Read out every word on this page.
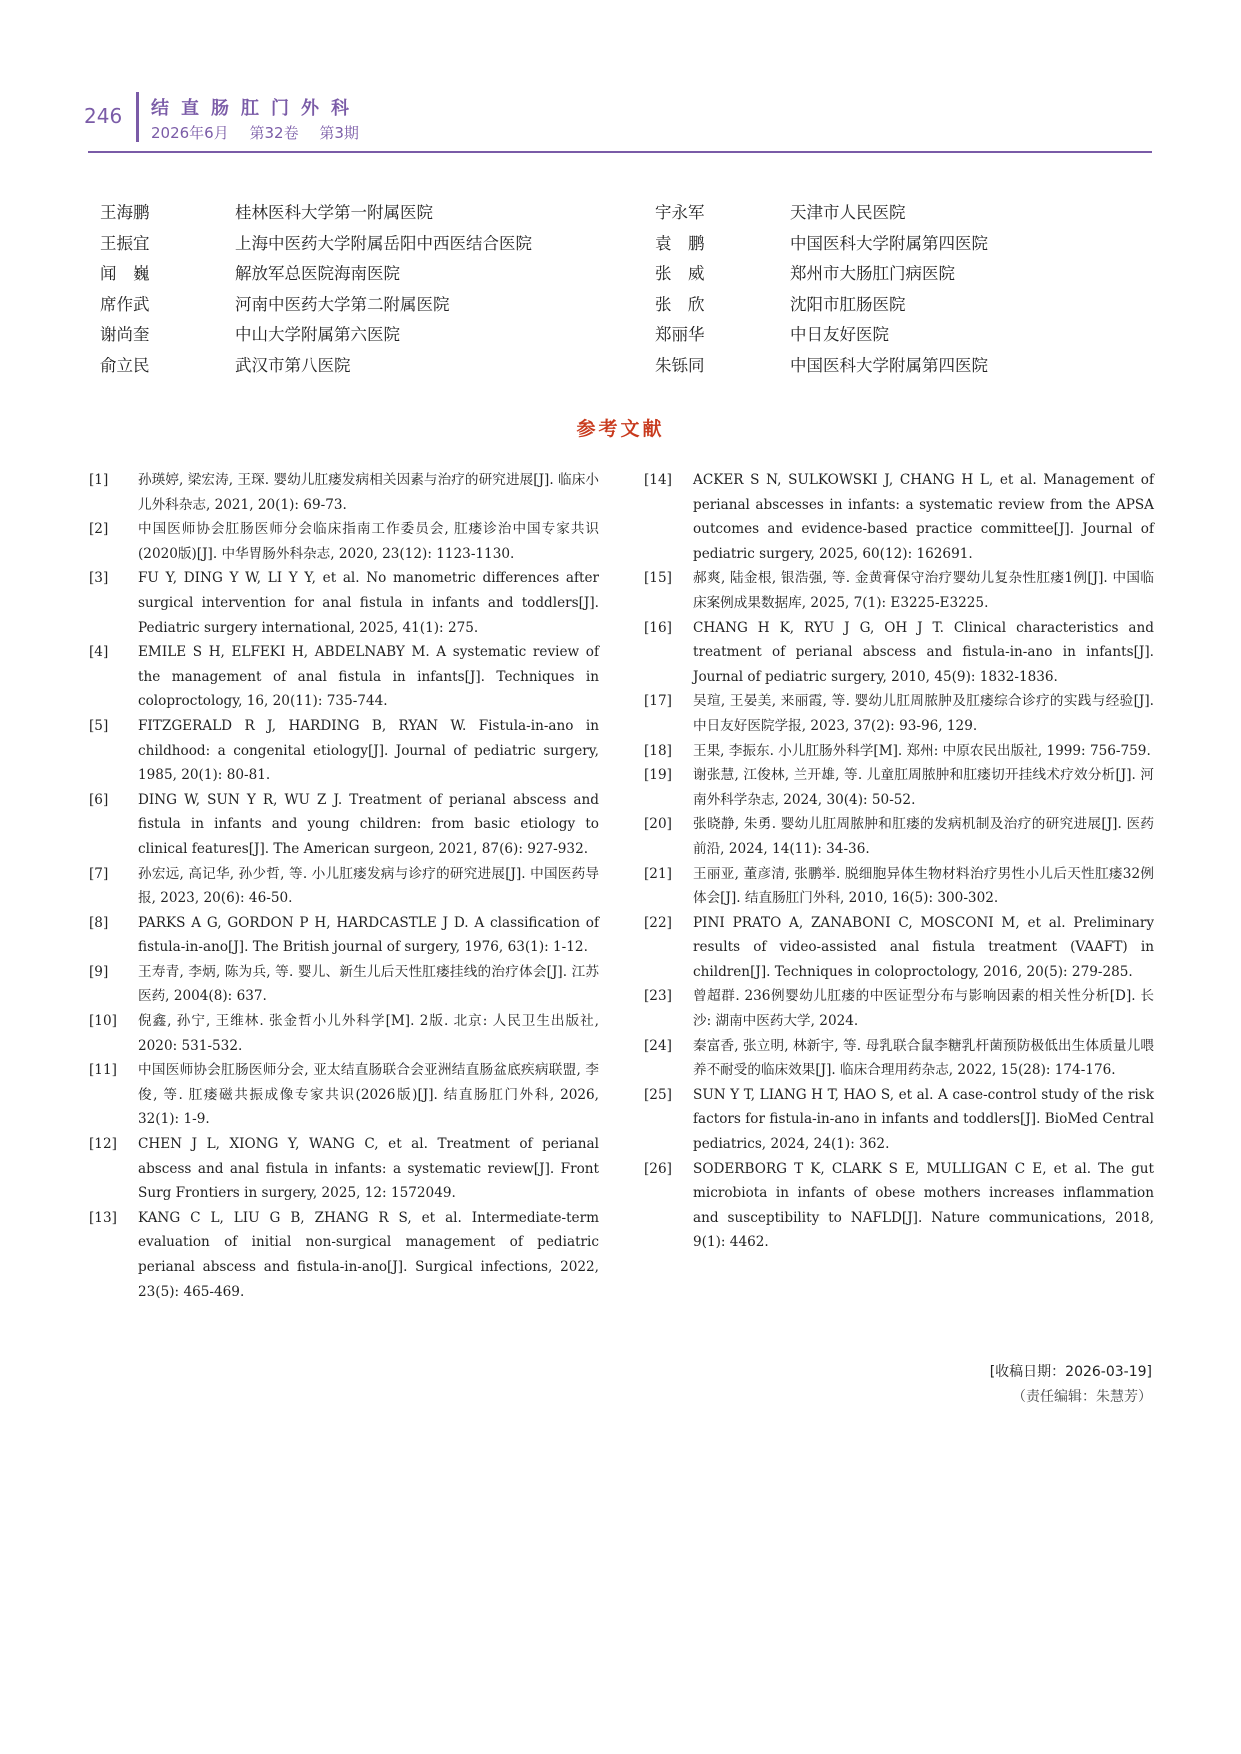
246 结直肠肛门外科
2026年6月 第32卷 第3期
王海鹏	桂林医科大学第一附属医院	宇永军	天津市人民医院
王振宜	上海中医药大学附属岳阳中西医结合医院	袁　鹏	中国医科大学附属第四医院
闻　巍	解放军总医院海南医院	张　威	郑州市大肠肛门病医院
席作武	河南中医药大学第二附属医院	张　欣	沈阳市肛肠医院
谢尚奎	中山大学附属第六医院	郑丽华	中日友好医院
俞立民	武汉市第八医院	朱铄同	中国医科大学附属第四医院
参考文献
[1]	孙瑛婷, 梁宏涛, 王琛. 婴幼儿肛瘘发病相关因素与治疗的研究进展[J]. 临床小儿外科杂志, 2021, 20(1): 69-73.
[2]	中国医师协会肛肠医师分会临床指南工作委员会, 肛瘘诊治中国专家共识(2020版)[J]. 中华胃肠外科杂志, 2020, 23(12): 1123-1130.
[3]	FU Y, DING Y W, LI Y Y, et al. No manometric differences after surgical intervention for anal fistula in infants and toddlers[J]. Pediatric surgery international, 2025, 41(1): 275.
[4]	EMILE S H, ELFEKI H, ABDELNABY M. A systematic review of the management of anal fistula in infants[J]. Techniques in coloproctology, 16, 20(11): 735-744.
[5]	FITZGERALD R J, HARDING B, RYAN W. Fistula-in-ano in childhood: a congenital etiology[J]. Journal of pediatric surgery, 1985, 20(1): 80-81.
[6]	DING W, SUN Y R, WU Z J. Treatment of perianal abscess and fistula in infants and young children: from basic etiology to clinical features[J]. The American surgeon, 2021, 87(6): 927-932.
[7]	孙宏远, 高记华, 孙少哲, 等. 小儿肛瘘发病与诊疗的研究进展[J]. 中国医药导报, 2023, 20(6): 46-50.
[8]	PARKS A G, GORDON P H, HARDCASTLE J D. A classification of fistula-in-ano[J]. The British journal of surgery, 1976, 63(1): 1-12.
[9]	王寿青, 李炳, 陈为兵, 等. 婴儿、新生儿后天性肛瘘挂线的治疗体会[J]. 江苏医药, 2004(8): 637.
[10]	倪鑫, 孙宁, 王维林. 张金哲小儿外科学[M]. 2版. 北京: 人民卫生出版社, 2020: 531-532.
[11]	中国医师协会肛肠医师分会, 亚太结直肠联合会亚洲结直肠盆底疾病联盟, 李俊, 等. 肛瘘磁共振成像专家共识(2026版)[J]. 结直肠肛门外科, 2026, 32(1): 1-9.
[12]	CHEN J L, XIONG Y, WANG C, et al. Treatment of perianal abscess and anal fistula in infants: a systematic review[J]. Front Surg Frontiers in surgery, 2025, 12: 1572049.
[13]	KANG C L, LIU G B, ZHANG R S, et al. Intermediate-term evaluation of initial non-surgical management of pediatric perianal abscess and fistula-in-ano[J]. Surgical infections, 2022, 23(5): 465-469.
[14]	ACKER S N, SULKOWSKI J, CHANG H L, et al. Management of perianal abscesses in infants: a systematic review from the APSA outcomes and evidence-based practice committee[J]. Journal of pediatric surgery, 2025, 60(12): 162691.
[15]	郝爽, 陆金根, 银浩强, 等. 金黄膏保守治疗婴幼儿复杂性肛瘘1例[J]. 中国临床案例成果数据库, 2025, 7(1): E3225-E3225.
[16]	CHANG H K, RYU J G, OH J T. Clinical characteristics and treatment of perianal abscess and fistula-in-ano in infants[J]. Journal of pediatric surgery, 2010, 45(9): 1832-1836.
[17]	吴瑄, 王晏美, 来丽霞, 等. 婴幼儿肛周脓肿及肛瘘综合诊疗的实践与经验[J]. 中日友好医院学报, 2023, 37(2): 93-96, 129.
[18]	王果, 李振东. 小儿肛肠外科学[M]. 郑州: 中原农民出版社, 1999: 756-759.
[19]	谢张慧, 江俊林, 兰开雄, 等. 儿童肛周脓肿和肛瘘切开挂线术疗效分析[J]. 河南外科学杂志, 2024, 30(4): 50-52.
[20]	张晓静, 朱勇. 婴幼儿肛周脓肿和肛瘘的发病机制及治疗的研究进展[J]. 医药前沿, 2024, 14(11): 34-36.
[21]	王丽亚, 董彦清, 张鹏举. 脱细胞异体生物材料治疗男性小儿后天性肛瘘32例体会[J]. 结直肠肛门外科, 2010, 16(5): 300-302.
[22]	PINI PRATO A, ZANABONI C, MOSCONI M, et al. Preliminary results of video-assisted anal fistula treatment (VAAFT) in children[J]. Techniques in coloproctology, 2016, 20(5): 279-285.
[23]	曾超群. 236例婴幼儿肛瘘的中医证型分布与影响因素的相关性分析[D]. 长沙: 湖南中医药大学, 2024.
[24]	秦富香, 张立明, 林新宇, 等. 母乳联合鼠李糖乳杆菌预防极低出生体质量儿喂养不耐受的临床效果[J]. 临床合理用药杂志, 2022, 15(28): 174-176.
[25]	SUN Y T, LIANG H T, HAO S, et al. A case-control study of the risk factors for fistula-in-ano in infants and toddlers[J]. BioMed Central pediatrics, 2024, 24(1): 362.
[26]	SODERBORG T K, CLARK S E, MULLIGAN C E, et al. The gut microbiota in infants of obese mothers increases inflammation and susceptibility to NAFLD[J]. Nature communications, 2018, 9(1): 4462.
[收稿日期：2026-03-19]
（责任编辑：朱慧芳）
